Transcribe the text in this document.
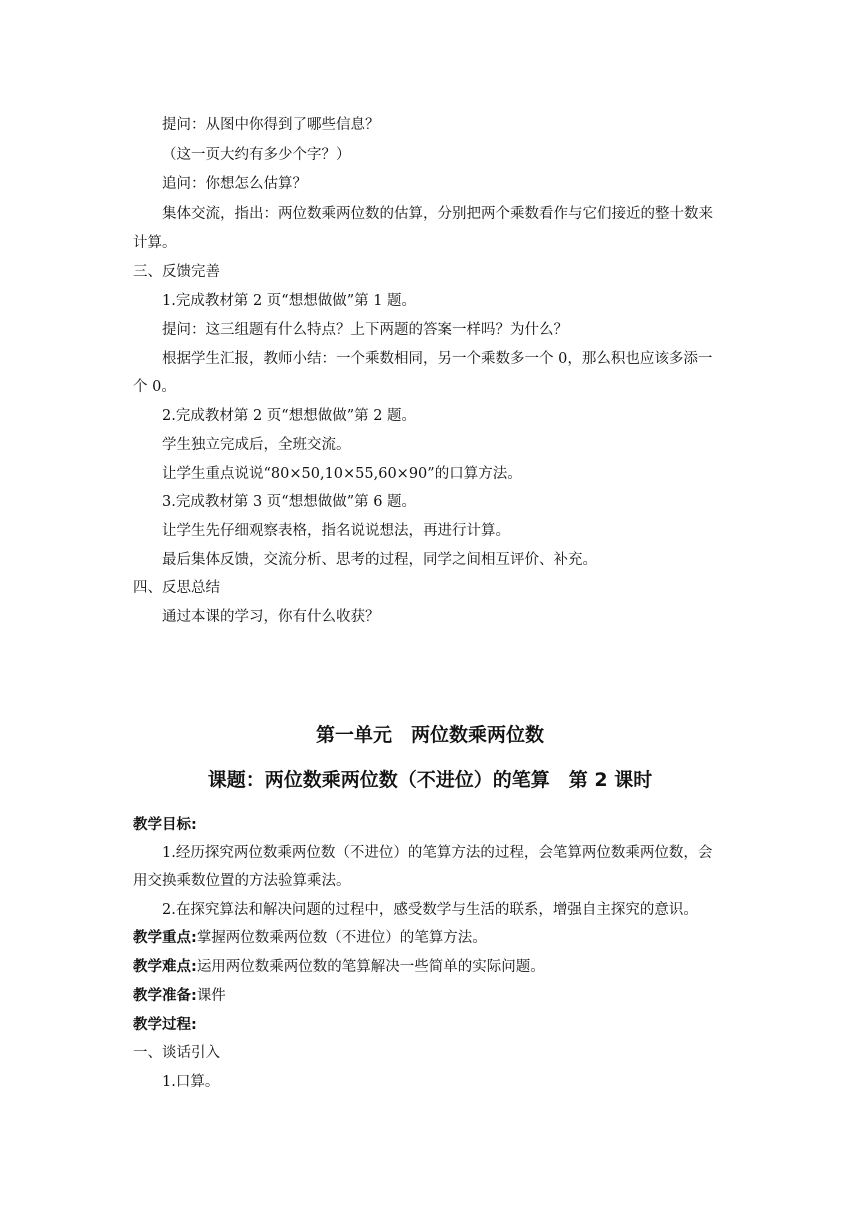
提问：从图中你得到了哪些信息？
（这一页大约有多少个字？）
追问：你想怎么估算？
集体交流，指出：两位数乘两位数的估算，分别把两个乘数看作与它们接近的整十数来
计算。
三、反馈完善
1.完成教材第 2 页“想想做做”第 1 题。
提问：这三组题有什么特点？上下两题的答案一样吗？为什么？
根据学生汇报，教师小结：一个乘数相同，另一个乘数多一个 0，那么积也应该多添一
个 0。
2.完成教材第 2 页“想想做做”第 2 题。
学生独立完成后，全班交流。
让学生重点说说“80×50,10×55,60×90”的口算方法。
3.完成教材第 3 页“想想做做”第 6 题。
让学生先仔细观察表格，指名说说想法，再进行计算。
最后集体反馈，交流分析、思考的过程，同学之间相互评价、补充。
四、反思总结
通过本课的学习，你有什么收获？
第一单元　两位数乘两位数
课题：两位数乘两位数（不进位）的笔算　第 2 课时
教学目标:
1.经历探究两位数乘两位数（不进位）的笔算方法的过程，会笔算两位数乘两位数，会
用交换乘数位置的方法验算乘法。
2.在探究算法和解决问题的过程中，感受数学与生活的联系，增强自主探究的意识。
教学重点:掌握两位数乘两位数（不进位）的笔算方法。
教学难点:运用两位数乘两位数的笔算解决一些简单的实际问题。
教学准备:课件
教学过程:
一、谈话引入
1.口算。
